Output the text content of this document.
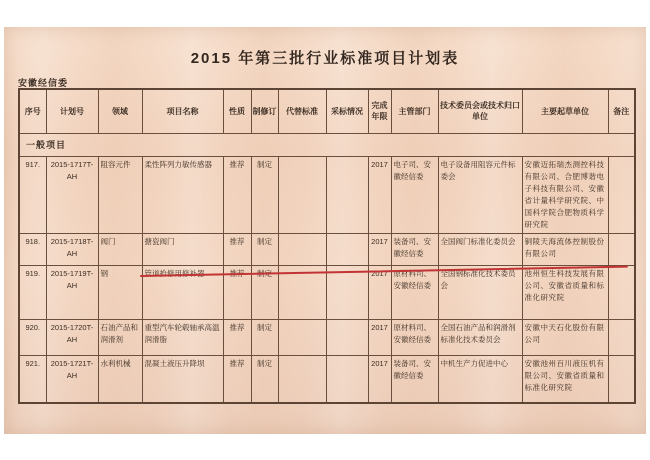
2015 年第三批行业标准项目计划表
安徽经信委
序号	计划号	领域	项目名称	性质	制修订	代替标准	采标情况	完成年限	主管部门	技术委员会或技术归口单位	主要起草单位	备注
一般项目												
917.	2015-1717T-AH	阻容元件	柔性阵列力敏传感器	推荐	制定			2017	电子司、安徽经信委	电子设备用阻容元件标委会	安徽迈拓瑞杰测控科技有限公司、合肥博谐电子科技有限公司、安徽省计量科学研究院、中国科学院合肥物质科学研究院	
918.	2015-1718T-AH	阀门	搪瓷阀门	推荐	制定			2017	装备司、安徽经信委	全国阀门标准化委员会	铜陵天海流体控制股份有限公司	
919.	2015-1719T-AH	钢	管道抢修用修补器					2017	原材料司、安徽经信委	全国钢标准化技术委员会	池州恒生科技发展有限公司、安徽省质量和标准化研究院	
920.	2015-1720T-AH	石油产品和润滑剂	重型汽车轮毂轴承高温润滑脂	推荐	制定			2017	原材料司、安徽经信委	全国石油产品和润滑剂标准化技术委员会	安徽中天石化股份有限公司	
921.	2015-1721T-AH	水利机械	混凝土液压升降坝	推荐	制定			2017	装备司、安徽经信委	中机生产力促进中心	安徽池州百川液压机有限公司、安徽省质量和标准化研究院	
